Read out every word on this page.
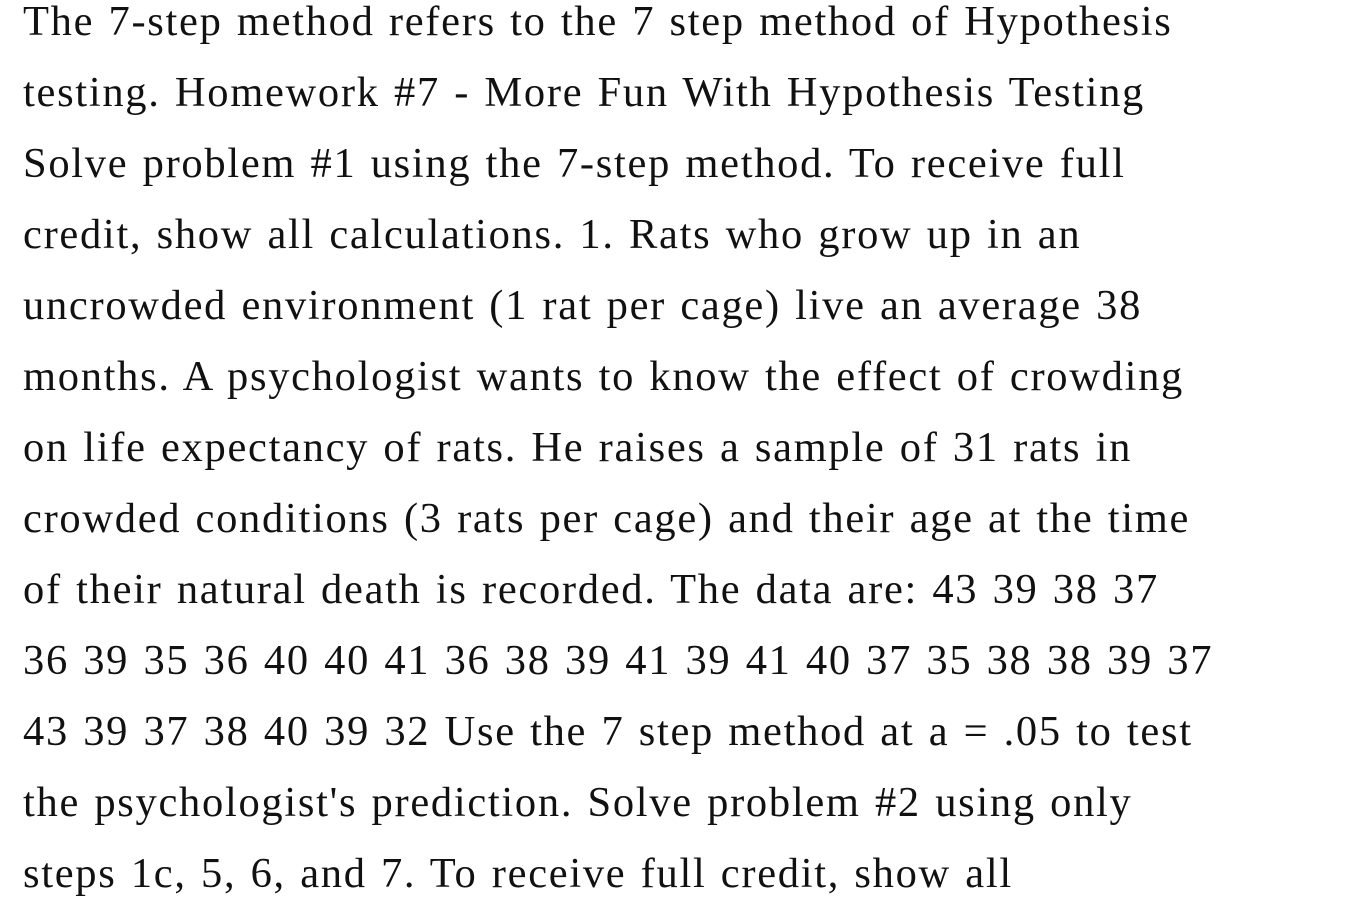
The 7-step method refers to the 7 step method of Hypothesis

testing. Homework #7 - More Fun With Hypothesis Testing

Solve problem #1 using the 7-step method. To receive full

credit, show all calculations. 1. Rats who grow up in an

uncrowded environment (1 rat per cage) live an average 38

months. A psychologist wants to know the effect of crowding

on life expectancy of rats. He raises a sample of 31 rats in

crowded conditions (3 rats per cage) and their age at the time

of their natural death is recorded. The data are: 43 39 38 37

36 39 35 36 40 40 41 36 38 39 41 39 41 40 37 35 38 38 39 37

43 39 37 38 40 39 32 Use the 7 step method at a = .05 to test

the psychologist's prediction. Solve problem #2 using only

steps 1c, 5, 6, and 7. To receive full credit, show all
